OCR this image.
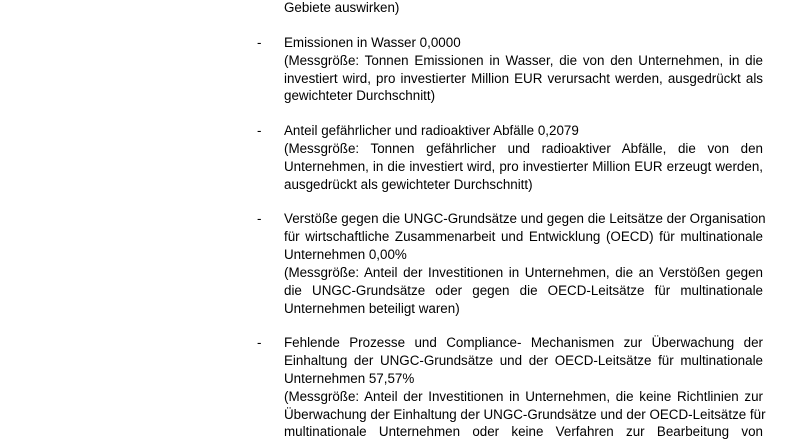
Gebiete auswirken)
- Emissionen in Wasser 0,0000
(Messgröße: Tonnen Emissionen in Wasser, die von den Unternehmen, in die
investiert wird, pro investierter Million EUR verursacht werden, ausgedrückt als
gewichteter Durchschnitt)
- Anteil gefährlicher und radioaktiver Abfälle 0,2079
(Messgröße: Tonnen gefährlicher und radioaktiver Abfälle, die von den
Unternehmen, in die investiert wird, pro investierter Million EUR erzeugt werden,
ausgedrückt als gewichteter Durchschnitt)
- Verstöße gegen die UNGC-Grundsätze und gegen die Leitsätze der Organisation
für wirtschaftliche Zusammenarbeit und Entwicklung (OECD) für multinationale
Unternehmen 0,00%
(Messgröße: Anteil der Investitionen in Unternehmen, die an Verstößen gegen
die UNGC-Grundsätze oder gegen die OECD-Leitsätze für multinationale
Unternehmen beteiligt waren)
- Fehlende Prozesse und Compliance- Mechanismen zur Überwachung der
Einhaltung der UNGC-Grundsätze und der OECD-Leitsätze für multinationale
Unternehmen 57,57%
(Messgröße: Anteil der Investitionen in Unternehmen, die keine Richtlinien zur
Überwachung der Einhaltung der UNGC-Grundsätze und der OECD-Leitsätze für
multinationale Unternehmen oder keine Verfahren zur Bearbeitung von
